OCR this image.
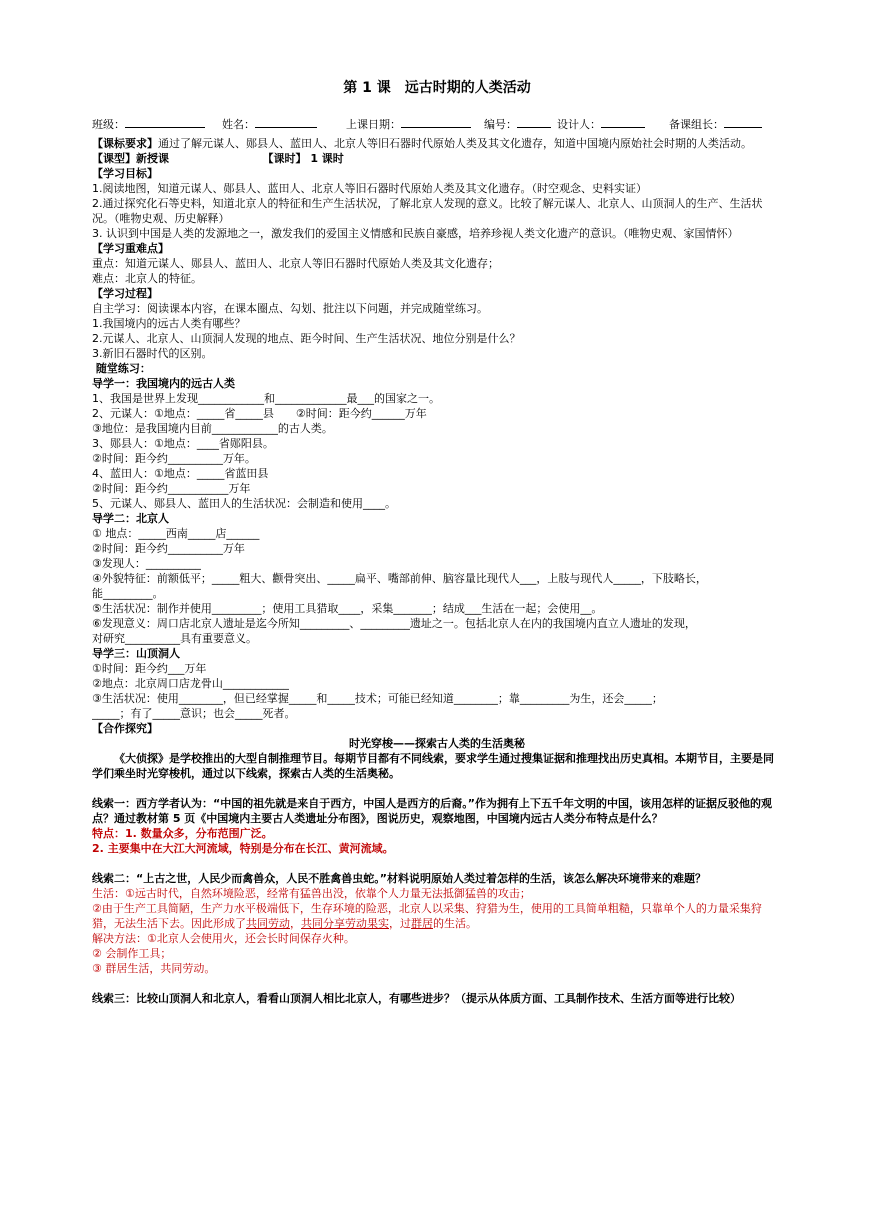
第 1 课　远古时期的人类活动
班级：	姓名：	上课日期：	编号：	设计人：	备课组长：
【课标要求】通过了解元谋人、郧县人、蓝田人、北京人等旧石器时代原始人类及其文化遗存，知道中国境内原始社会时期的人类活动。
【课型】新授课　　　　　　　　　【课时】 1 课时
【学习目标】
1.阅读地图，知道元谋人、郧县人、蓝田人、北京人等旧石器时代原始人类及其文化遗存。（时空观念、史料实证）
2.通过探究化石等史料，知道北京人的特征和生产生活状况，了解北京人发现的意义。比较了解元谋人、北京人、山顶洞人的生产、生活状况。（唯物史观、历史解释）
3. 认识到中国是人类的发源地之一，激发我们的爱国主义情感和民族自豪感，培养珍视人类文化遗产的意识。（唯物史观、家国情怀）
【学习重难点】
重点：知道元谋人、郧县人、蓝田人、北京人等旧石器时代原始人类及其文化遗存；
难点：北京人的特征。
【学习过程】
自主学习：阅读课本内容，在课本圈点、勾划、批注以下问题，并完成随堂练习。
1.我国境内的远古人类有哪些？
2.元谋人、北京人、山顶洞人发现的地点、距今时间、生产生活状况、地位分别是什么？
3.新旧石器时代的区别。
随堂练习：
导学一：我国境内的远古人类
1、我国是世界上发现____________和_____________最___的国家之一。
2、元谋人：①地点：_____省_____县　　②时间：距今约______万年
③地位：是我国境内目前____________的古人类。
3、郧县人：①地点：____省郧阳县。
②时间：距今约__________万年。
4、蓝田人：①地点：_____省蓝田县
②时间：距今约___________万年
5、元谋人、郧县人、蓝田人的生活状况：会制造和使用____。
导学二：北京人
① 地点：_____西南_____店______
②时间：距今约__________万年
③发现人：__________
④外貌特征：前额低平；_____粗大、颧骨突出、_____扁平、嘴部前伸、脑容量比现代人___，上肢与现代人_____，下肢略长，
能_________。
⑤生活状况：制作并使用_________；使用工具猎取____，采集_______；结成___生活在一起；会使用__。
⑥发现意义：周口店北京人遗址是迄今所知_________、_________遗址之一。包括北京人在内的我国境内直立人遗址的发现，
对研究__________具有重要意义。
导学三：山顶洞人
①时间：距今约___万年
②地点：北京周口店龙骨山____________
③生活状况：使用________，但已经掌握_____和_____技术；可能已经知道________；靠_________为生，还会_____；
_____；有了_____意识；也会_____死者。
【合作探究】
时光穿梭——探索古人类的生活奥秘
《大侦探》是学校推出的大型自制推理节目。每期节目都有不同线索，要求学生通过搜集证据和推理找出历史真相。本期节目，主要是同学们乘坐时光穿梭机，通过以下线索，探索古人类的生活奥秘。
线索一：西方学者认为：“中国的祖先就是来自于西方，中国人是西方的后裔。”作为拥有上下五千年文明的中国，该用怎样的证据反驳他的观点？通过教材第 5 页《中国境内主要古人类遗址分布图》，图说历史，观察地图，中国境内远古人类分布特点是什么？
特点：1. 数量众多，分布范围广泛。
2. 主要集中在大江大河流域，特别是分布在长江、黄河流域。
线索二：“上古之世，人民少而禽兽众，人民不胜禽兽虫蛇。”材料说明原始人类过着怎样的生活，该怎么解决环境带来的难题？
生活：①远古时代，自然环境险恶，经常有猛兽出没，依靠个人力量无法抵御猛兽的攻击；
②由于生产工具简陋，生产力水平极端低下，生存环境的险恶，北京人以采集、狩猎为生，使用的工具简单粗糙，只靠单个人的力量采集狩猎，无法生活下去。因此形成了共同劳动，共同分享劳动果实，过群居的生活。
解决方法：①北京人会使用火，还会长时间保存火种。
② 会制作工具；
③ 群居生活，共同劳动。
线索三：比较山顶洞人和北京人，看看山顶洞人相比北京人，有哪些进步？（提示从体质方面、工具制作技术、生活方面等进行比较）
